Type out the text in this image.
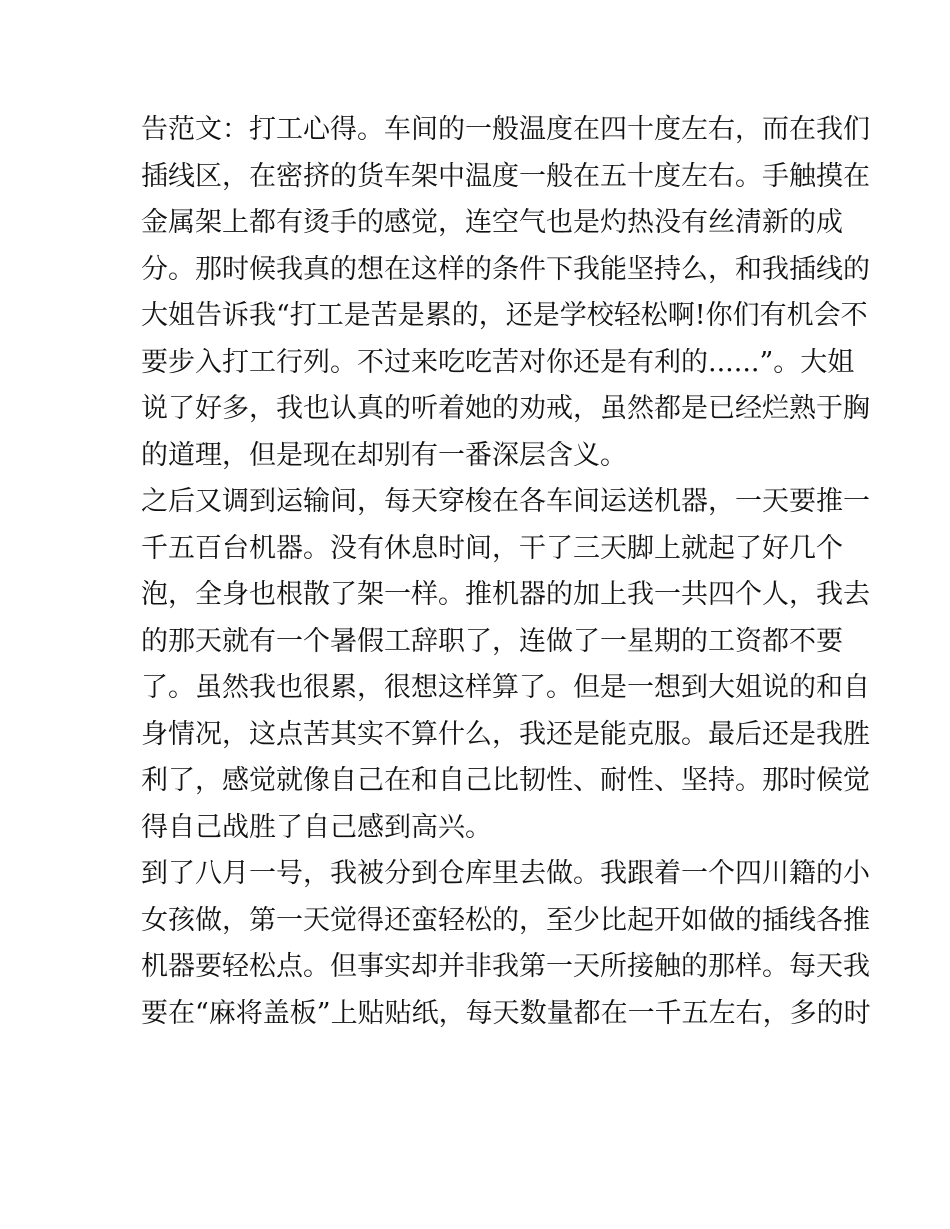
告范文：打工心得。车间的一般温度在四十度左右，而在我们
插线区，在密挤的货车架中温度一般在五十度左右。手触摸在
金属架上都有烫手的感觉，连空气也是灼热没有丝清新的成
分。那时候我真的想在这样的条件下我能坚持么，和我插线的
大姐告诉我“打工是苦是累的，还是学校轻松啊!你们有机会不
要步入打工行列。不过来吃吃苦对你还是有利的......”。大姐
说了好多，我也认真的听着她的劝戒，虽然都是已经烂熟于胸
的道理，但是现在却别有一番深层含义。
之后又调到运输间，每天穿梭在各车间运送机器，一天要推一
千五百台机器。没有休息时间，干了三天脚上就起了好几个
泡，全身也根散了架一样。推机器的加上我一共四个人，我去
的那天就有一个暑假工辞职了，连做了一星期的工资都不要
了。虽然我也很累，很想这样算了。但是一想到大姐说的和自
身情况，这点苦其实不算什么，我还是能克服。最后还是我胜
利了，感觉就像自己在和自己比韧性、耐性、坚持。那时候觉
得自己战胜了自己感到高兴。
到了八月一号，我被分到仓库里去做。我跟着一个四川籍的小
女孩做，第一天觉得还蛮轻松的，至少比起开如做的插线各推
机器要轻松点。但事实却并非我第一天所接触的那样。每天我
要在“麻将盖板”上贴贴纸，每天数量都在一千五左右，多的时
